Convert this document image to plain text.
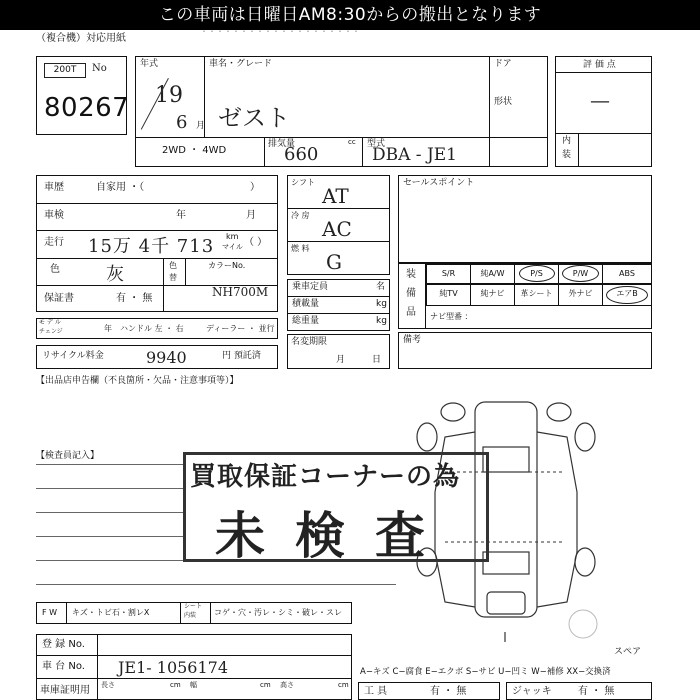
この車両は日曜日AM8:30からの搬出となります
（複合機）対応用紙
・・・・・・・・・・・・・・・・・・・・
200T	No
80267
年式
19
6 月
車名・グレード
ゼスト
2WD ・ 4WD
排気量
660
cc 型式
DBA - JE1
ドア
形状
評 価 点
—
内
装
車歴	自家用 ・（	）
車検	年	月
走行 15万 4千 713 km
マイル （ ）
色	灰	色
替
カラーNo.
NH700M
保証書	有 ・ 無
モ デ ル
チェンジ	年 ハンドル 左 ・ 右	ディーラー ・ 並行
リサイクル料金	9940	円 預託済
シフト
AT
冷 房
AC
燃 料
G
乗車定員	名
積載量	kg
総重量	kg
名変期限
月	日
セールスポイント
装
備
品
S/R	純A/W	P/S	P/W	ABS
純TV	純ナビ	革シート	外ナビ	エアB
ナビ型番 ：
備考
【出品店申告欄（不良箇所・欠品・注意事項等）】
【検査員記入】
スペア
買取保証コーナーの為
未検査
F W キズ・トビ石・割レX
シート
内装 コゲ・穴・汚レ・シミ・破レ・スレ
登 録 No.
車 台 No. JE1- 1056174
車庫証明用 長さ	cm 幅	cm 高さ	cm
A−キズ C−腐食 E−エクボ S−サビ U−凹ミ W−補修 XX−交換済
工 具	有 ・ 無	ジャッキ	有 ・ 無
